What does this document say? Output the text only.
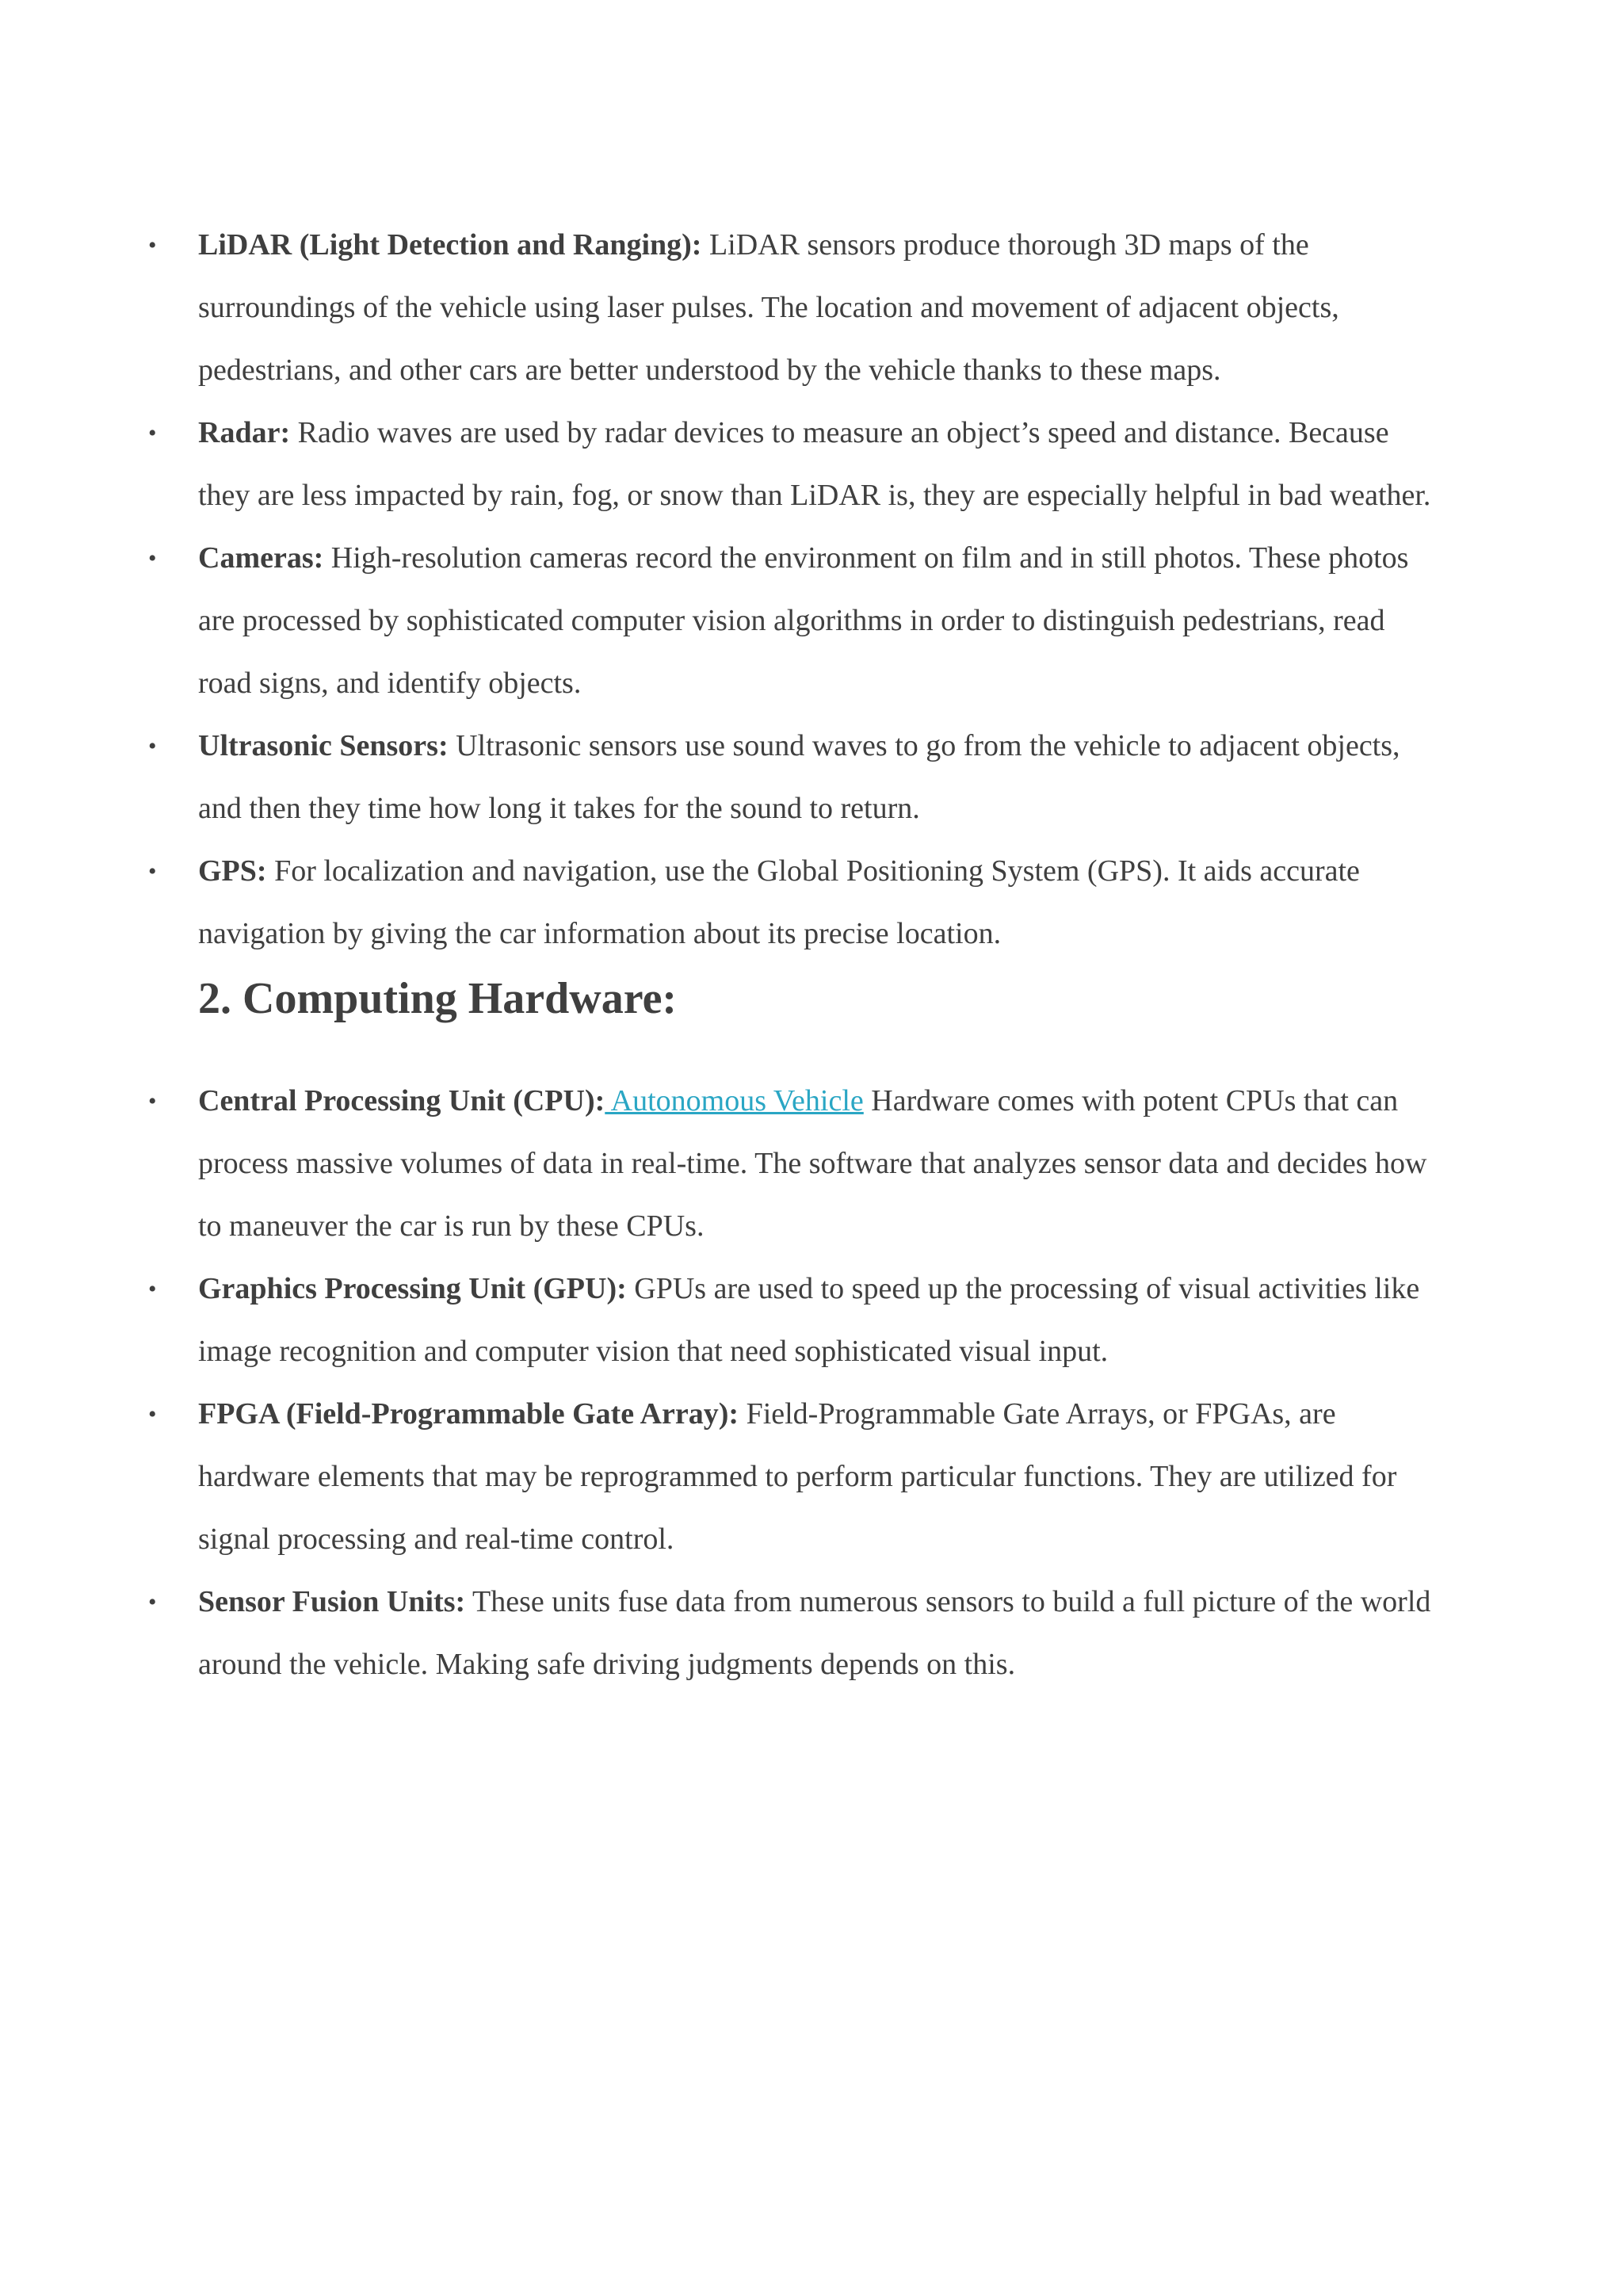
• LiDAR (Light Detection and Ranging): LiDAR sensors produce thorough 3D maps of the surroundings of the vehicle using laser pulses. The location and movement of adjacent objects, pedestrians, and other cars are better understood by the vehicle thanks to these maps.
• Radar: Radio waves are used by radar devices to measure an object’s speed and distance. Because they are less impacted by rain, fog, or snow than LiDAR is, they are especially helpful in bad weather.
• Cameras: High-resolution cameras record the environment on film and in still photos. These photos are processed by sophisticated computer vision algorithms in order to distinguish pedestrians, read road signs, and identify objects.
• Ultrasonic Sensors: Ultrasonic sensors use sound waves to go from the vehicle to adjacent objects, and then they time how long it takes for the sound to return.
• GPS: For localization and navigation, use the Global Positioning System (GPS). It aids accurate navigation by giving the car information about its precise location.
2. Computing Hardware:
• Central Processing Unit (CPU): Autonomous Vehicle Hardware comes with potent CPUs that can process massive volumes of data in real-time. The software that analyzes sensor data and decides how to maneuver the car is run by these CPUs.
• Graphics Processing Unit (GPU): GPUs are used to speed up the processing of visual activities like image recognition and computer vision that need sophisticated visual input.
• FPGA (Field-Programmable Gate Array): Field-Programmable Gate Arrays, or FPGAs, are hardware elements that may be reprogrammed to perform particular functions. They are utilized for signal processing and real-time control.
• Sensor Fusion Units: These units fuse data from numerous sensors to build a full picture of the world around the vehicle. Making safe driving judgments depends on this.
